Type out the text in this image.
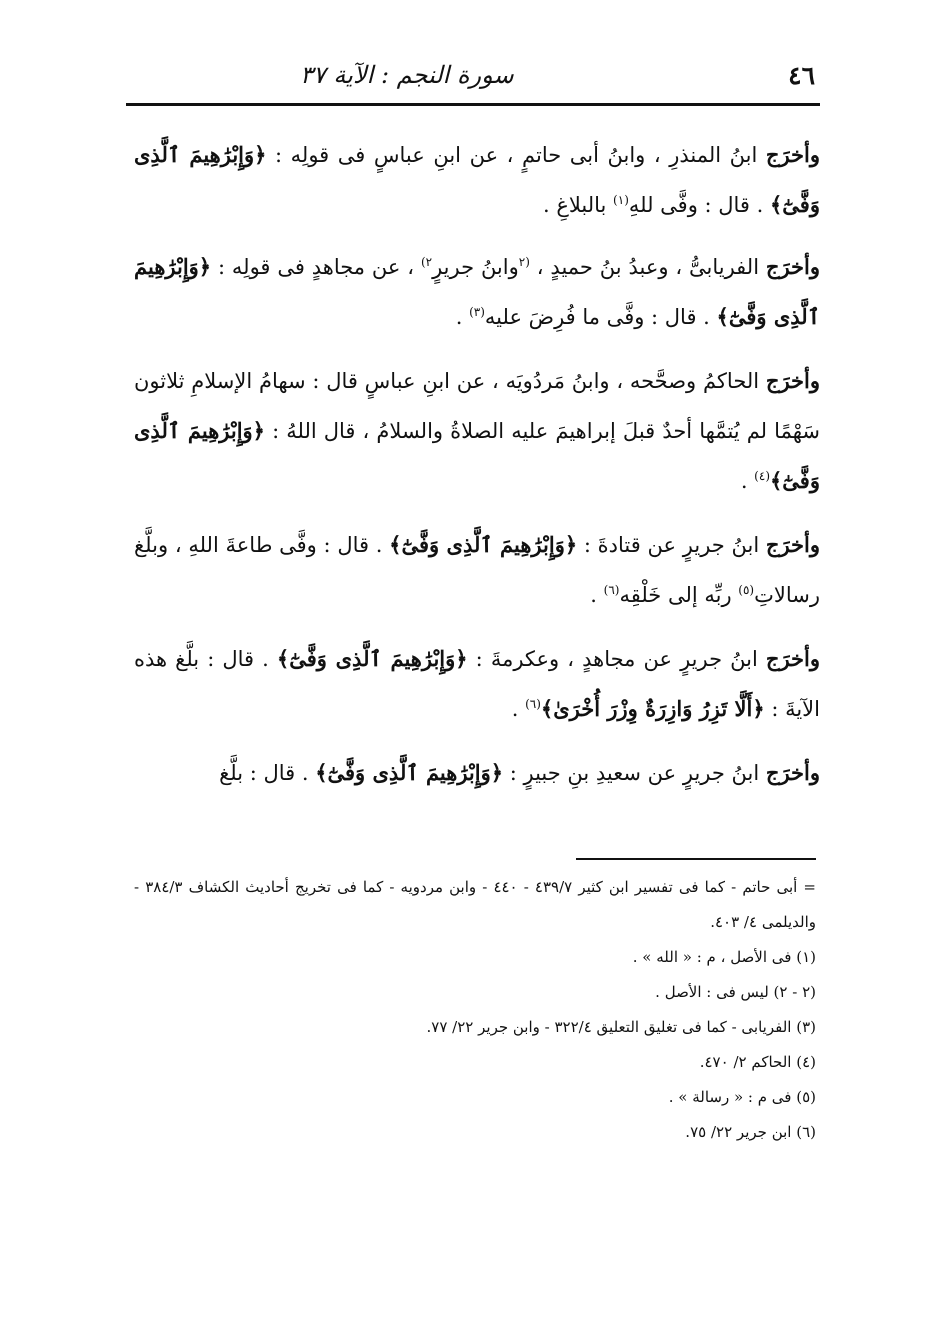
٤٦
سورة النجم : الآية ٣٧

وأخرَج ابنُ المنذرِ ، وابنُ أبى حاتمٍ ، عن ابنِ عباسٍ فى قولِه : ﴿وَإِبْرَٰهِيمَ ٱلَّذِى وَفَّىٰٓ﴾ . قال : وفَّى للهِ$^{(١)}$ بالبلاغِ .

وأخرَج الفريابىُّ ، وعبدُ بنُ حميدٍ ، $^{(٢}$وابنُ جريرٍ$^{٢)}$ ، عن مجاهدٍ فى قولِه : ﴿وَإِبْرَٰهِيمَ ٱلَّذِى وَفَّىٰٓ﴾ . قال : وفَّى ما فُرِضَ عليه$^{(٣)}$ .

وأخرَج الحاكمُ وصحَّحه ، وابنُ مَردُويَه ، عن ابنِ عباسٍ قال : سهامُ الإسلامِ ثلاثون سَهْمًا لم يُتمَّها أحدٌ قبلَ إبراهيمَ عليه الصلاةُ والسلامُ ، قال اللهُ : ﴿وَإِبْرَٰهِيمَ ٱلَّذِى وَفَّىٰٓ﴾$^{(٤)}$ .

وأخرَج ابنُ جريرٍ عن قتادةَ : ﴿وَإِبْرَٰهِيمَ ٱلَّذِى وَفَّىٰٓ﴾ . قال : وفَّى طاعةَ اللهِ ، وبلَّغ رسالاتِ$^{(٥)}$ ربِّه إلى خَلْقِه$^{(٦)}$ .

وأخرَج ابنُ جريرٍ عن مجاهدٍ ، وعكرمةَ : ﴿وَإِبْرَٰهِيمَ ٱلَّذِى وَفَّىٰٓ﴾ . قال : بلَّغ هذه الآيةَ : ﴿أَلَّا تَزِرُ وَازِرَةٌ وِزْرَ أُخْرَىٰ﴾$^{(٦)}$ .

وأخرَج ابنُ جريرٍ عن سعيدِ بنِ جبيرٍ : ﴿وَإِبْرَٰهِيمَ ٱلَّذِى وَفَّىٰٓ﴾ . قال : بلَّغ

= أبى حاتم - كما فى تفسير ابن كثير ٤٣٩/٧ - ٤٤٠ - وابن مردويه - كما فى تخريج أحاديث الكشاف ٣٨٤/٣ - والديلمى ٤/ ٤٠٣.

(١) فى الأصل ، م : « الله » .

(٢ - ٢) ليس فى : الأصل .

(٣) الفريابى - كما فى تغليق التعليق ٣٢٢/٤ - وابن جرير ٢٢/ ٧٧.

(٤) الحاكم ٢/ ٤٧٠.

(٥) فى م : « رسالة » .

(٦) ابن جرير ٢٢/ ٧٥.
